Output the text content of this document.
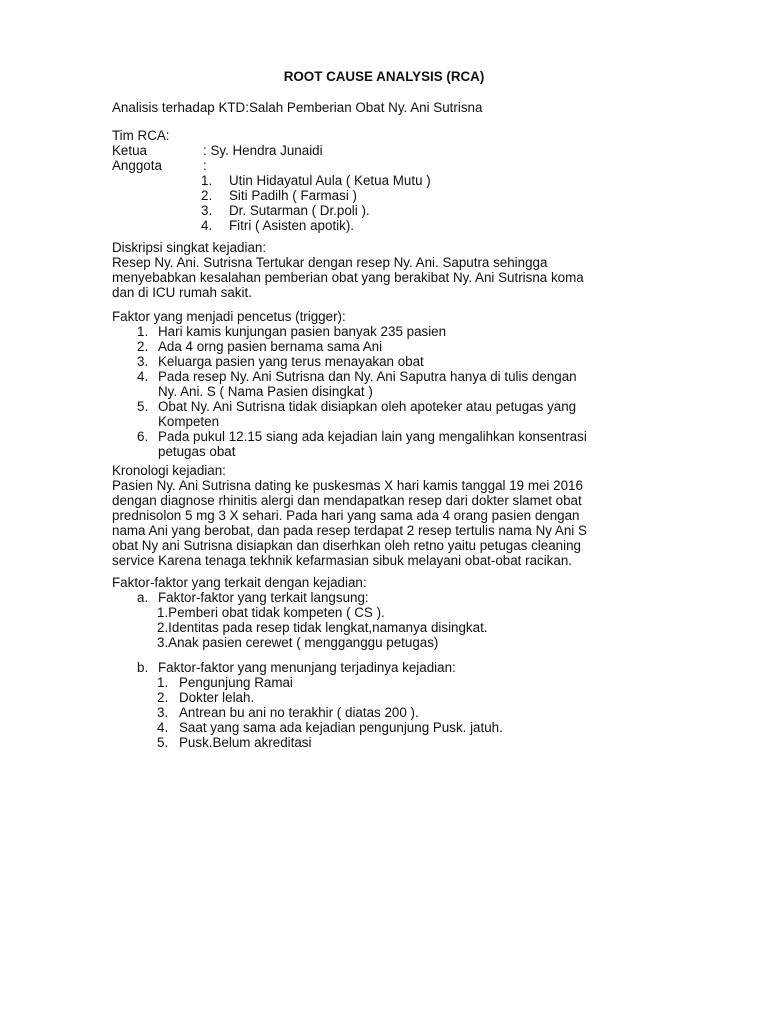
ROOT CAUSE ANALYSIS (RCA)
Analisis terhadap KTD:Salah Pemberian Obat Ny. Ani Sutrisna
Tim RCA:
Ketua	: Sy. Hendra Junaidi
Anggota	:
1. Utin Hidayatul Aula ( Ketua Mutu )
2. Siti Padilh ( Farmasi )
3. Dr. Sutarman ( Dr.poli ).
4. Fitri ( Asisten apotik).
Diskripsi singkat kejadian:
Resep Ny. Ani. Sutrisna Tertukar dengan resep Ny. Ani. Saputra sehingga
menyebabkan kesalahan pemberian obat yang berakibat Ny. Ani Sutrisna koma
dan di ICU rumah sakit.
Faktor yang menjadi pencetus (trigger):
1. Hari kamis kunjungan pasien banyak 235 pasien
2. Ada 4 orng pasien bernama sama Ani
3. Keluarga pasien yang terus menayakan obat
4. Pada resep Ny. Ani Sutrisna dan Ny. Ani Saputra hanya di tulis dengan
Ny. Ani. S ( Nama Pasien disingkat )
5. Obat Ny. Ani Sutrisna tidak disiapkan oleh apoteker atau petugas yang
Kompeten
6. Pada pukul 12.15 siang ada kejadian lain yang mengalihkan konsentrasi
petugas obat
Kronologi kejadian:
Pasien Ny. Ani Sutrisna dating ke puskesmas X hari kamis tanggal 19 mei 2016
dengan diagnose rhinitis alergi dan mendapatkan resep dari dokter slamet obat
prednisolon 5 mg 3 X sehari. Pada hari yang sama ada 4 orang pasien dengan
nama Ani yang berobat, dan pada resep terdapat 2 resep tertulis nama Ny Ani S
obat Ny ani Sutrisna disiapkan dan diserhkan oleh retno yaitu petugas cleaning
service Karena tenaga tekhnik kefarmasian sibuk melayani obat-obat racikan.
Faktor-faktor yang terkait dengan kejadian:
a. Faktor-faktor yang terkait langsung:
1.Pemberi obat tidak kompeten ( CS ).
2.Identitas pada resep tidak lengkat,namanya disingkat.
3.Anak pasien cerewet ( mengganggu petugas)
b. Faktor-faktor yang menunjang terjadinya kejadian:
1. Pengunjung Ramai
2. Dokter lelah.
3. Antrean bu ani no terakhir ( diatas 200 ).
4. Saat yang sama ada kejadian pengunjung Pusk. jatuh.
5. Pusk.Belum akreditasi
